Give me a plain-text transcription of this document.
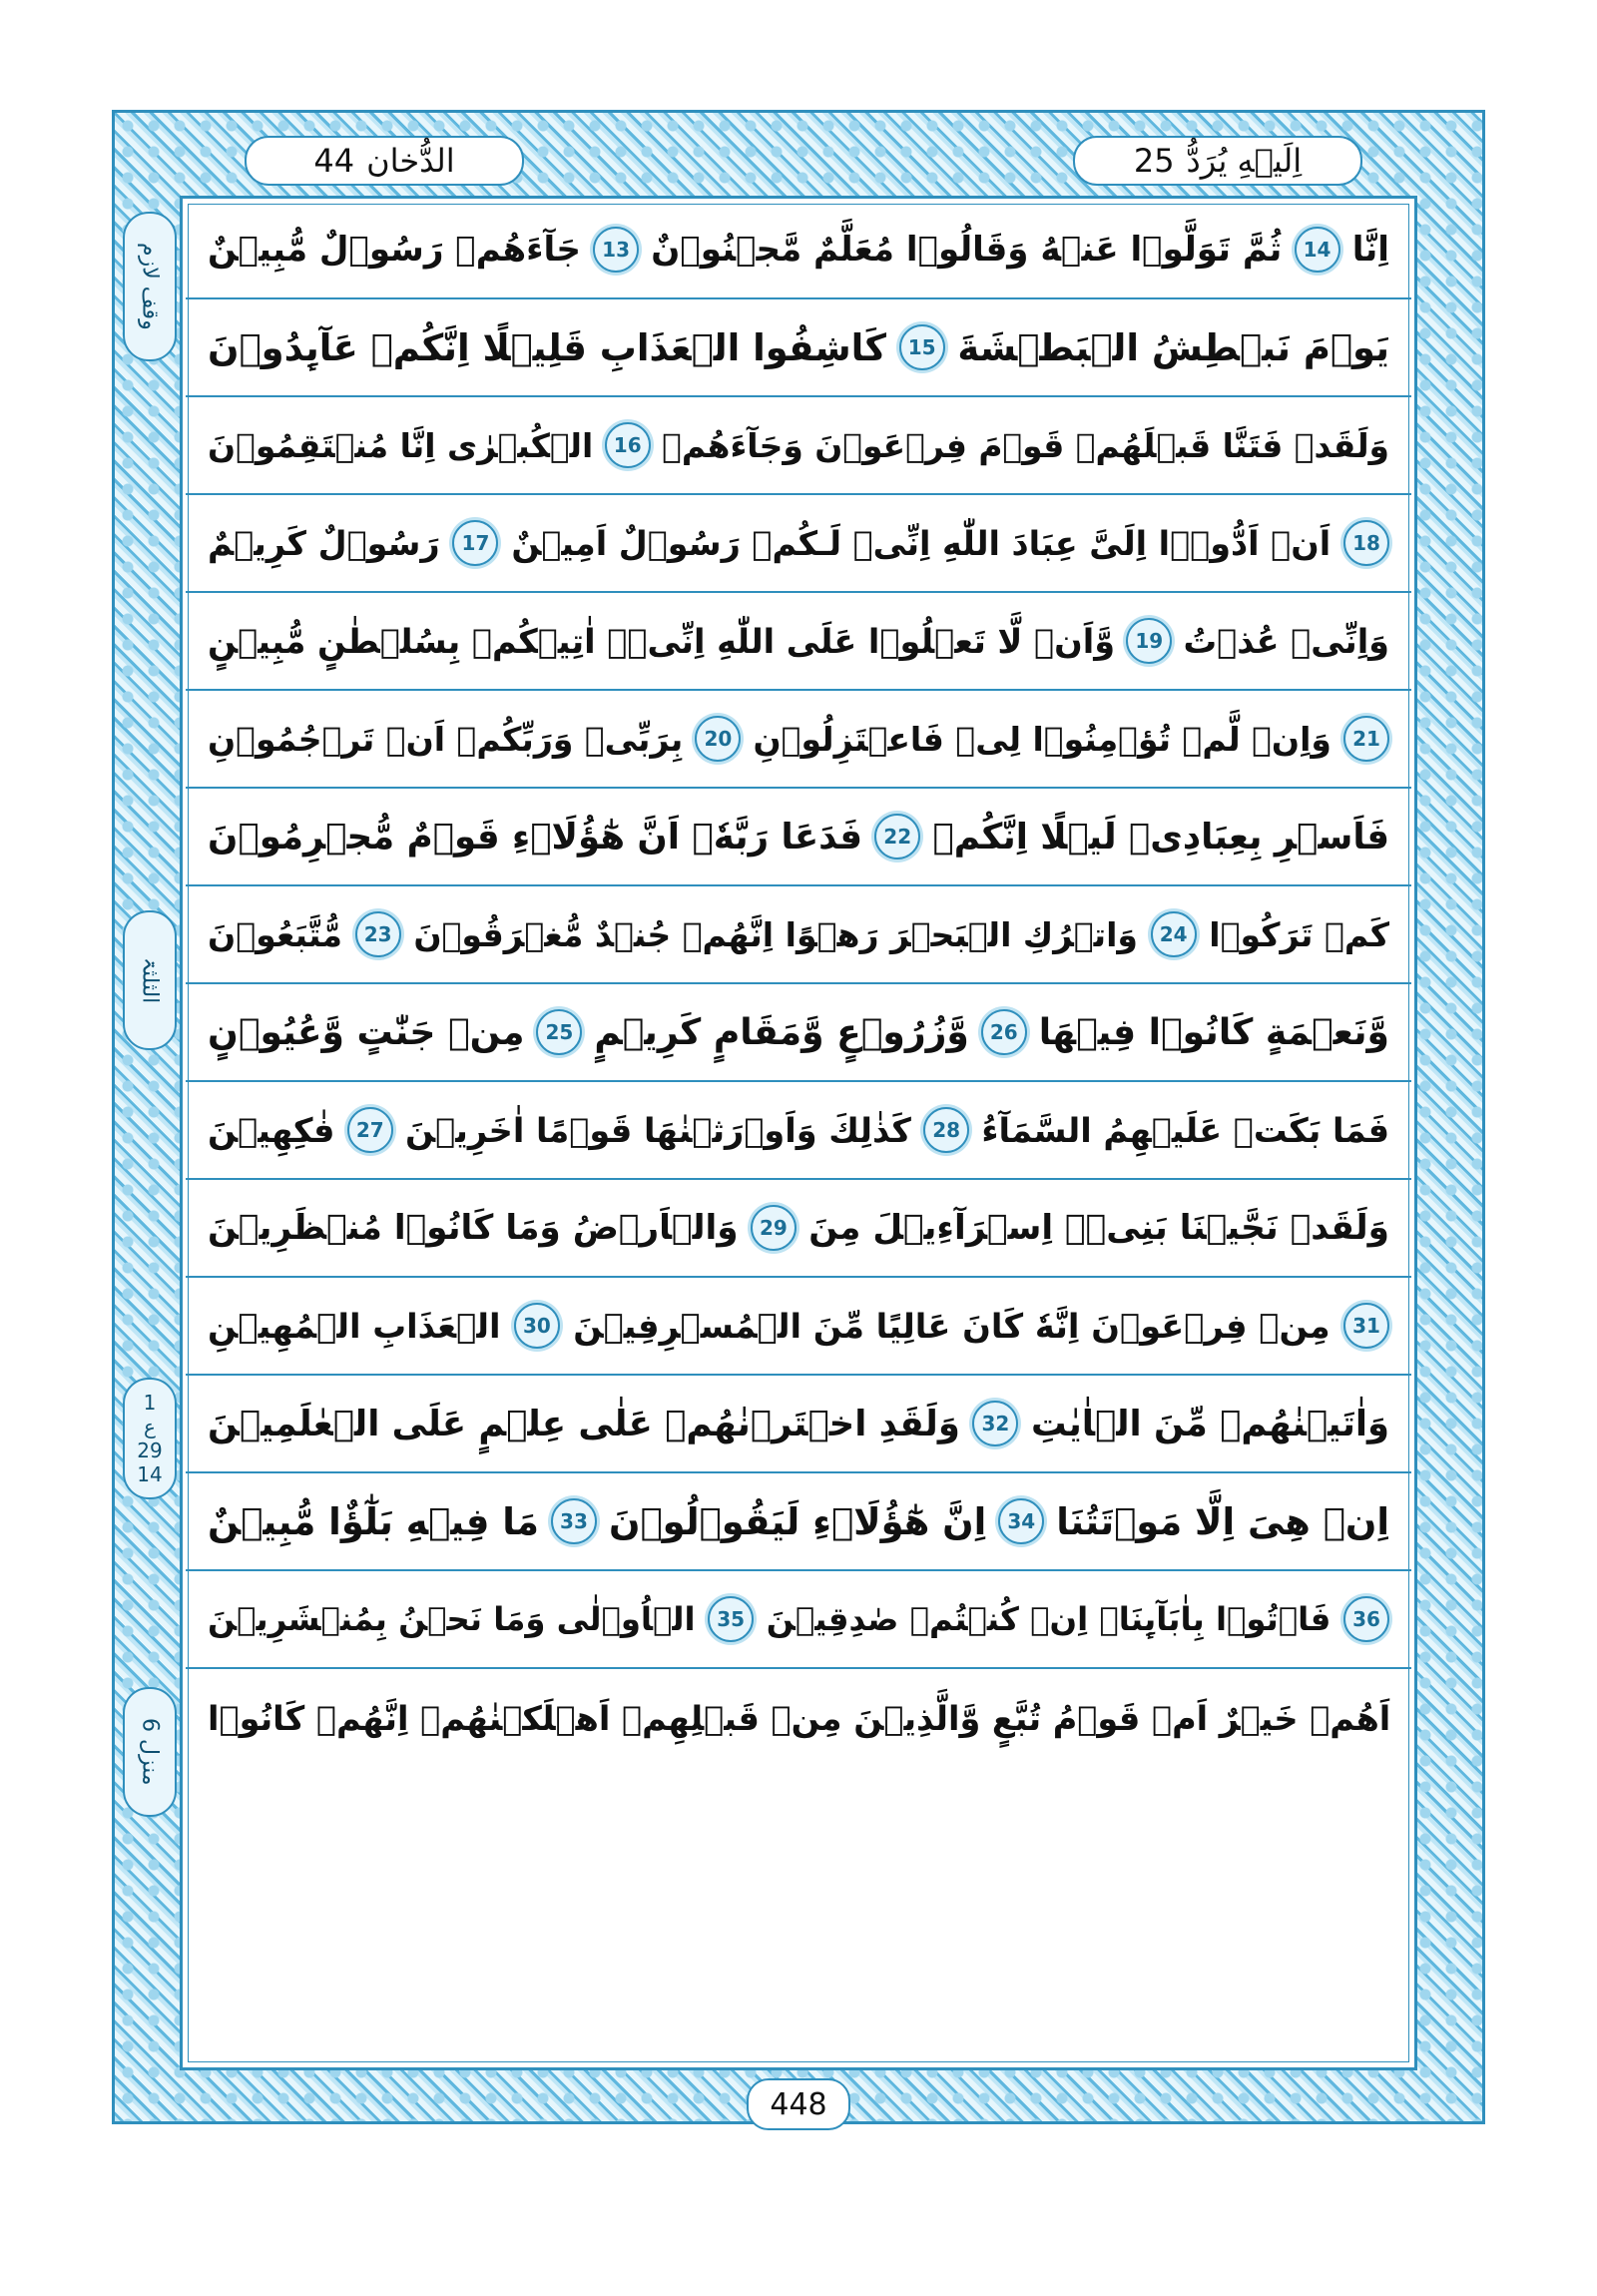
الدُّخان
44	اِلَیۡهِ یُرَدُّ
25
وقف لازم
الثلثۃ
1
ع
29
14
منزل 6
جَآءَهُمۡ رَسُوۡلٌ مُّبِيۡنٌ	13 ثُمَّ تَوَلَّوۡا عَنۡهُ وَقَالُوۡا مُعَلَّمٌ مَّجۡنُوۡنٌ	14 اِنَّا
كَاشِفُوا الۡعَذَابِ قَلِيۡلًا اِنَّكُمۡ عَآٮِٕدُوۡنَ	15 يَوۡمَ نَبۡطِشُ الۡبَطۡشَةَ
الۡكُبۡرٰى اِنَّا مُنۡتَقِمُوۡنَ	16 وَلَقَدۡ فَتَنَّا قَبۡلَهُمۡ قَوۡمَ فِرۡعَوۡنَ وَجَآءَهُمۡ
رَسُوۡلٌ كَرِيۡمٌ	17 اَنۡ اَدُّوۡۤا اِلَىَّ عِبَادَ اللّٰهِ اِنِّىۡ لَـكُمۡ رَسُوۡلٌ اَمِيۡنٌ	18
وَّاَنۡ لَّا تَعۡلُوۡا عَلَى اللّٰهِ اِنِّىۡۤ اٰتِيۡكُمۡ بِسُلۡطٰنٍ مُّبِيۡنٍ	19 وَاِنِّىۡ عُذۡتُ
بِرَبِّىۡ وَرَبِّكُمۡ اَنۡ تَرۡجُمُوۡنِ	20 وَاِنۡ لَّمۡ تُؤۡمِنُوۡا لِىۡ فَاعۡتَزِلُوۡنِ	21
فَدَعَا رَبَّهٗۤ اَنَّ هٰٓؤُلَاۤءِ قَوۡمٌ مُّجۡرِمُوۡنَ	22 فَاَسۡرِ بِعِبَادِىۡ لَيۡلًا اِنَّكُمۡ
مُّتَّبَعُوۡنَ	23 وَاتۡرُكِ الۡبَحۡرَ رَهۡوًا اِنَّهُمۡ جُنۡدٌ مُّغۡرَقُوۡنَ	24 كَمۡ تَرَكُوۡا
مِنۡ جَنّٰتٍ وَّعُيُوۡنٍ	25 وَّزُرُوۡعٍ وَّمَقَامٍ كَرِيۡمٍ	26 وَّنَعۡمَةٍ كَانُوۡا فِيۡهَا
فٰكِهِيۡنَ	27 كَذٰلِكَ وَاَوۡرَثۡنٰهَا قَوۡمًا اٰخَرِيۡنَ	28 فَمَا بَكَتۡ عَلَيۡهِمُ السَّمَآءُ
وَالۡاَرۡضُ وَمَا كَانُوۡا مُنۡظَرِيۡنَ	29 وَلَقَدۡ نَجَّيۡنَا بَنِىۡۤ اِسۡرَآءِيۡلَ مِنَ
الۡعَذَابِ الۡمُهِيۡنِ	30 مِنۡ فِرۡعَوۡنَ اِنَّهٗ كَانَ عَالِيًا مِّنَ الۡمُسۡرِفِيۡنَ	31
وَلَقَدِ اخۡتَرۡنٰهُمۡ عَلٰى عِلۡمٍ عَلَى الۡعٰلَمِيۡنَ	32 وَاٰتَيۡنٰهُمۡ مِّنَ الۡاٰيٰتِ
مَا فِيۡهِ بَلٰٓؤٌا مُّبِيۡنٌ	33 اِنَّ هٰٓؤُلَاۤءِ لَيَقُوۡلُوۡنَ	34 اِنۡ هِىَ اِلَّا مَوۡتَتُنَا
الۡاُوۡلٰى وَمَا نَحۡنُ بِمُنۡشَرِيۡنَ	35 فَاۡتُوۡا بِاٰبَآٮِٕنَاۤ اِنۡ كُنۡتُمۡ صٰدِقِيۡنَ	36
اَهُمۡ خَيۡرٌ اَمۡ قَوۡمُ تُبَّعٍ وَّالَّذِيۡنَ مِنۡ قَبۡلِهِمۡ اَهۡلَكۡنٰهُمۡ اِنَّهُمۡ كَانُوۡا
448
